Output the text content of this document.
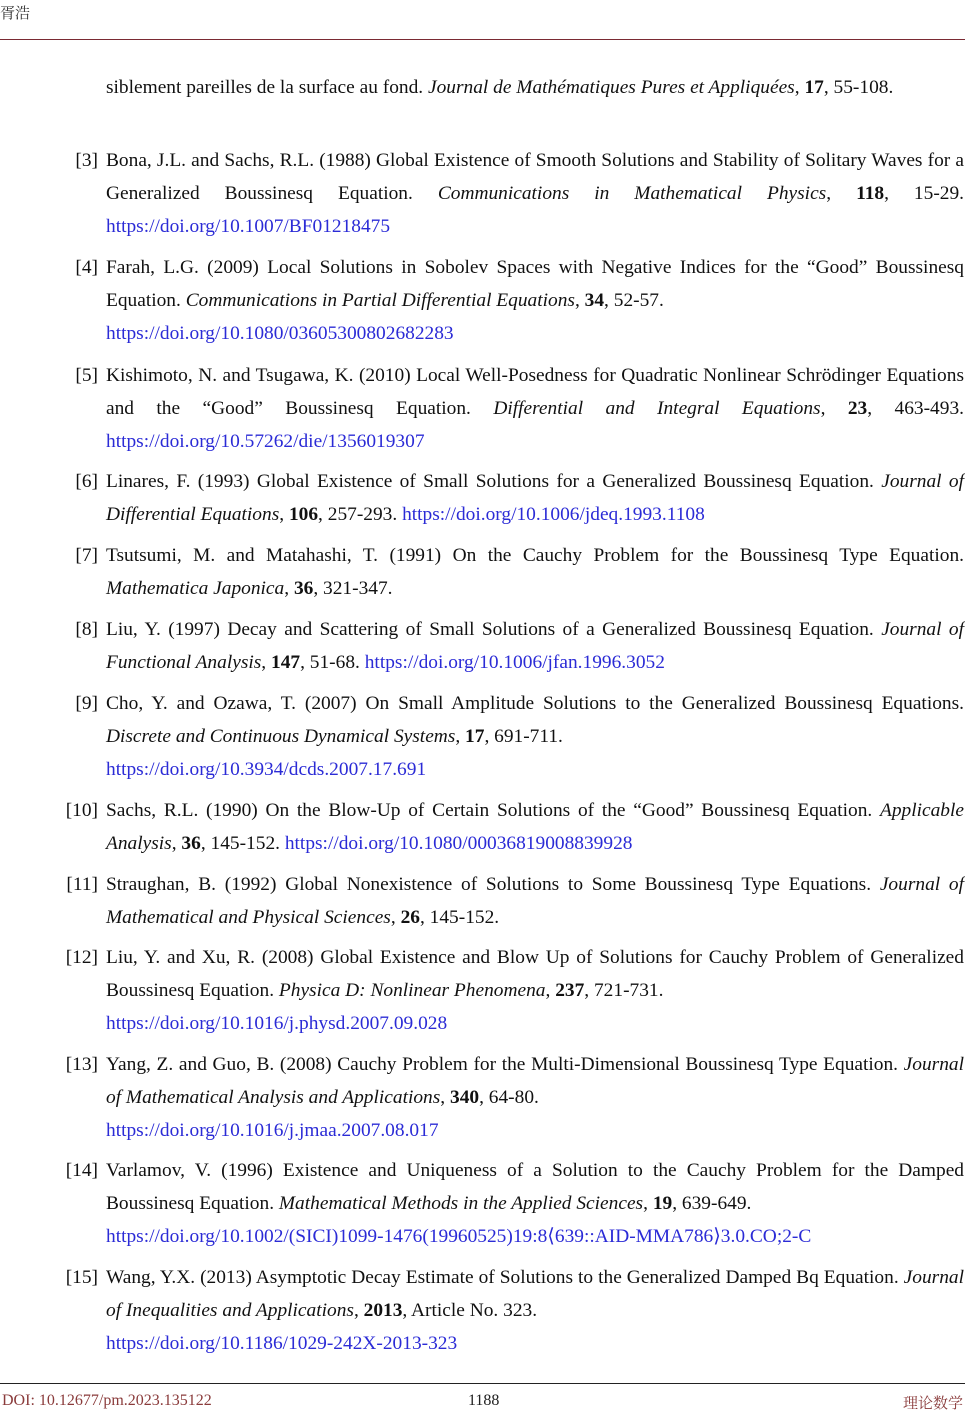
胥浩
siblement pareilles de la surface au fond. Journal de Mathématiques Pures et Appliquées, 17, 55-108.
[3] Bona, J.L. and Sachs, R.L. (1988) Global Existence of Smooth Solutions and Stability of Solitary Waves for a Generalized Boussinesq Equation. Communications in Mathematical Physics, 118, 15-29. https://doi.org/10.1007/BF01218475
[4] Farah, L.G. (2009) Local Solutions in Sobolev Spaces with Negative Indices for the “Good” Boussinesq Equation. Communications in Partial Differential Equations, 34, 52-57.
https://doi.org/10.1080/03605300802682283
[5] Kishimoto, N. and Tsugawa, K. (2010) Local Well-Posedness for Quadratic Nonlinear Schrödinger Equations and the “Good” Boussinesq Equation. Differential and Integral Equations, 23, 463-493. https://doi.org/10.57262/die/1356019307
[6] Linares, F. (1993) Global Existence of Small Solutions for a Generalized Boussinesq Equation. Journal of Differential Equations, 106, 257-293. https://doi.org/10.1006/jdeq.1993.1108
[7] Tsutsumi, M. and Matahashi, T. (1991) On the Cauchy Problem for the Boussinesq Type Equation. Mathematica Japonica, 36, 321-347.
[8] Liu, Y. (1997) Decay and Scattering of Small Solutions of a Generalized Boussinesq Equation. Journal of Functional Analysis, 147, 51-68. https://doi.org/10.1006/jfan.1996.3052
[9] Cho, Y. and Ozawa, T. (2007) On Small Amplitude Solutions to the Generalized Boussinesq Equations. Discrete and Continuous Dynamical Systems, 17, 691-711.
https://doi.org/10.3934/dcds.2007.17.691
[10] Sachs, R.L. (1990) On the Blow-Up of Certain Solutions of the “Good” Boussinesq Equation. Applicable Analysis, 36, 145-152. https://doi.org/10.1080/00036819008839928
[11] Straughan, B. (1992) Global Nonexistence of Solutions to Some Boussinesq Type Equations. Journal of Mathematical and Physical Sciences, 26, 145-152.
[12] Liu, Y. and Xu, R. (2008) Global Existence and Blow Up of Solutions for Cauchy Problem of Generalized Boussinesq Equation. Physica D: Nonlinear Phenomena, 237, 721-731.
https://doi.org/10.1016/j.physd.2007.09.028
[13] Yang, Z. and Guo, B. (2008) Cauchy Problem for the Multi-Dimensional Boussinesq Type Equation. Journal of Mathematical Analysis and Applications, 340, 64-80.
https://doi.org/10.1016/j.jmaa.2007.08.017
[14] Varlamov, V. (1996) Existence and Uniqueness of a Solution to the Cauchy Problem for the Damped Boussinesq Equation. Mathematical Methods in the Applied Sciences, 19, 639-649.
https://doi.org/10.1002/(SICI)1099-1476(19960525)19:8⟨639::AID-MMA786⟩3.0.CO;2-C
[15] Wang, Y.X. (2013) Asymptotic Decay Estimate of Solutions to the Generalized Damped Bq Equation. Journal of Inequalities and Applications, 2013, Article No. 323.
https://doi.org/10.1186/1029-242X-2013-323
DOI: 10.12677/pm.2023.135122	1188	理论数学
